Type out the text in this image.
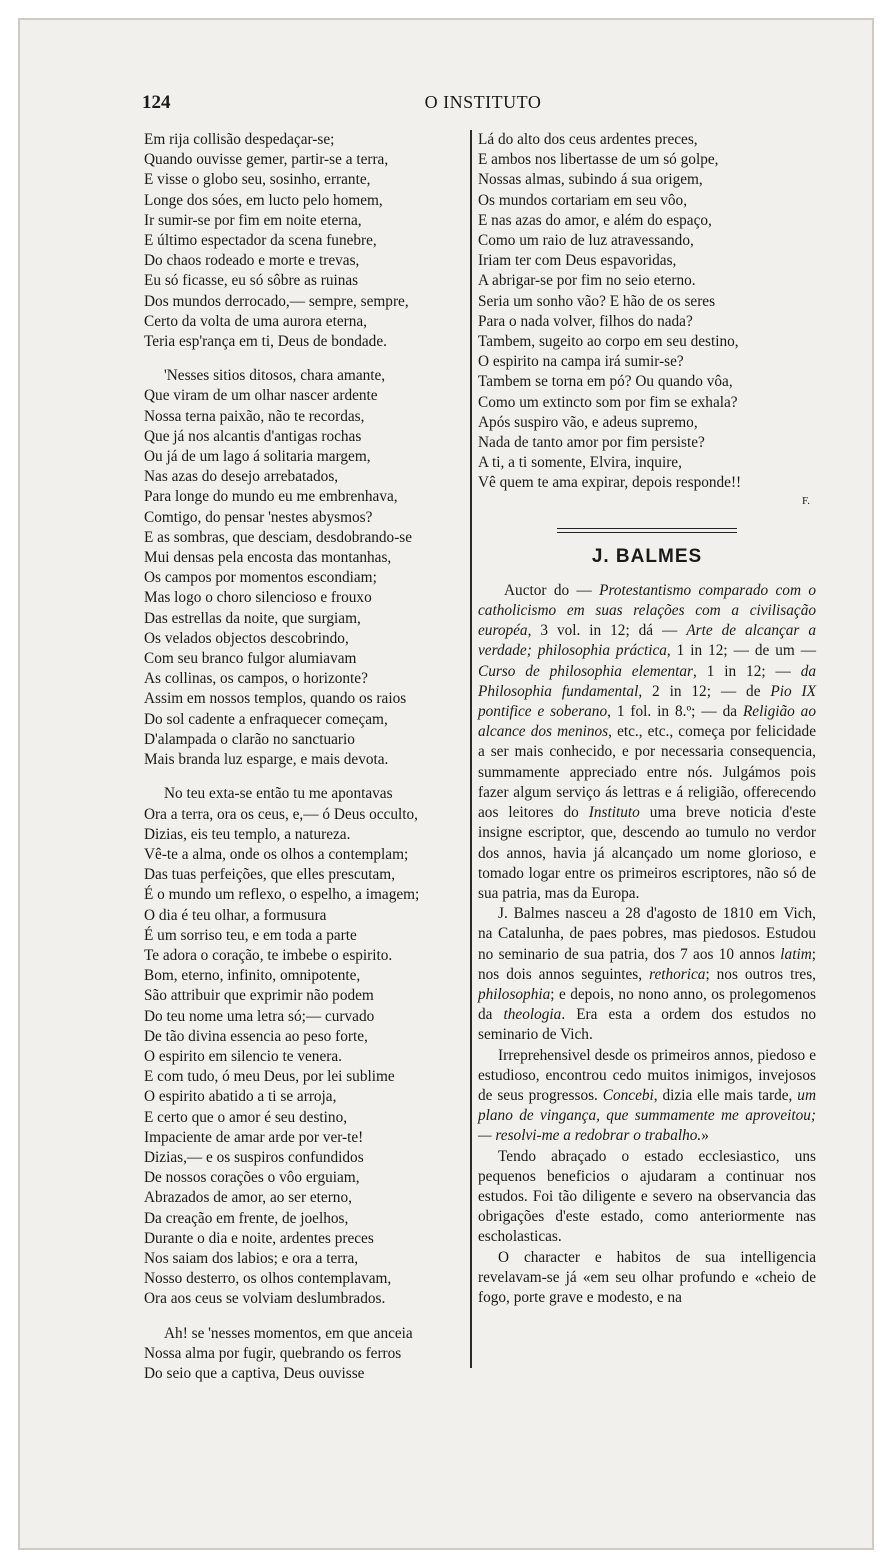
124	O INSTITUTO
Em rija collisão despedaçar-se;
Quando ouvisse gemer, partir-se a terra,
E visse o globo seu, sosinho, errante,
Longe dos sóes, em lucto pelo homem,
Ir sumir-se por fim em noite eterna,
E último espectador da scena funebre,
Do chaos rodeado e morte e trevas,
Eu só ficasse, eu só sôbre as ruinas
Dos mundos derrocado,— sempre, sempre,
Certo da volta de uma aurora eterna,
Teria esp'rança em ti, Deus de bondade.
'Nesses sitios ditosos, chara amante,
Que viram de um olhar nascer ardente
Nossa terna paixão, não te recordas,
Que já nos alcantis d'antigas rochas
Ou já de um lago á solitaria margem,
Nas azas do desejo arrebatados,
Para longe do mundo eu me embrenhava,
Comtigo, do pensar 'nestes abysmos?
E as sombras, que desciam, desdobrando-se
Mui densas pela encosta das montanhas,
Os campos por momentos escondiam;
Mas logo o choro silencioso e frouxo
Das estrellas da noite, que surgiam,
Os velados objectos descobrindo,
Com seu branco fulgor alumiavam
As collinas, os campos, o horizonte?
Assim em nossos templos, quando os raios
Do sol cadente a enfraquecer começam,
D'alampada o clarão no sanctuario
Mais branda luz esparge, e mais devota.
No teu exta-se então tu me apontavas
Ora a terra, ora os ceus, e,— ó Deus occulto,
Dizias, eis teu templo, a natureza.
Vê-te a alma, onde os olhos a contemplam;
Das tuas perfeições, que elles prescutam,
É o mundo um reflexo, o espelho, a imagem;
O dia é teu olhar, a formusura
É um sorriso teu, e em toda a parte
Te adora o coração, te imbebe o espirito.
Bom, eterno, infinito, omnipotente,
São attribuir que exprimir não podem
Do teu nome uma letra só;— curvado
De tão divina essencia ao peso forte,
O espirito em silencio te venera.
E com tudo, ó meu Deus, por lei sublime
O espirito abatido a ti se arroja,
E certo que o amor é seu destino,
Impaciente de amar arde por ver-te!
Dizias,— e os suspiros confundidos
De nossos corações o vôo erguiam,
Abrazados de amor, ao ser eterno,
Da creação em frente, de joelhos,
Durante o dia e noite, ardentes preces
Nos saiam dos labios; e ora a terra,
Nosso desterro, os olhos contemplavam,
Ora aos ceus se volviam deslumbrados.
Ah! se 'nesses momentos, em que anceia
Nossa alma por fugir, quebrando os ferros
Do seio que a captiva, Deus ouvisse
Lá do alto dos ceus ardentes preces,
E ambos nos libertasse de um só golpe,
Nossas almas, subindo á sua origem,
Os mundos cortariam em seu vôo,
E nas azas do amor, e além do espaço,
Como um raio de luz atravessando,
Iriam ter com Deus espavoridas,
A abrigar-se por fim no seio eterno.
Seria um sonho vão? E hão de os seres
Para o nada volver, filhos do nada?
Tambem, sugeito ao corpo em seu destino,
O espirito na campa irá sumir-se?
Tambem se torna em pó? Ou quando vôa,
Como um extincto som por fim se exhala?
Após suspiro vão, e adeus supremo,
Nada de tanto amor por fim persiste?
A ti, a ti somente, Elvira, inquire,
Vê quem te ama expirar, depois responde!!
F.
J. BALMES
Auctor do — Protestantismo comparado com o catholicismo em suas relações com a civilisação européa, 3 vol. in 12; dá — Arte de alcançar a verdade; philosophia práctica, 1 in 12; — de um — Curso de philosophia elementar, 1 in 12; — da Philosophia fundamental, 2 in 12; — de Pio IX pontifice e soberano, 1 fol. in 8.º; — da Religião ao alcance dos meninos, etc., etc., começa por felicidade a ser mais conhecido, e por necessaria consequencia, summamente appreciado entre nós. Julgámos pois fazer algum serviço ás lettras e á religião, offerecendo aos leitores do Instituto uma breve noticia d'este insigne escriptor, que, descendo ao tumulo no verdor dos annos, havia já alcançado um nome glorioso, e tomado logar entre os primeiros escriptores, não só de sua patria, mas da Europa.
J. Balmes nasceu a 28 d'agosto de 1810 em Vich, na Catalunha, de paes pobres, mas piedosos. Estudou no seminario de sua patria, dos 7 aos 10 annos latim; nos dois annos seguintes, rethorica; nos outros tres, philosophia; e depois, no nono anno, os prolegomenos da theologia. Era esta a ordem dos estudos no seminario de Vich.
Irreprehensivel desde os primeiros annos, piedoso e estudioso, encontrou cedo muitos inimigos, invejosos de seus progressos. Concebi, dizia elle mais tarde, um plano de vingança, que summamente me aproveitou; — resolvi-me a redobrar o trabalho.»
Tendo abraçado o estado ecclesiastico, uns pequenos beneficios o ajudaram a continuar nos estudos. Foi tão diligente e severo na observancia das obrigações d'este estado, como anteriormente nas escholasticas.
O character e habitos de sua intelligencia revelavam-se já «em seu olhar profundo e «cheio de fogo, porte grave e modesto, e na
